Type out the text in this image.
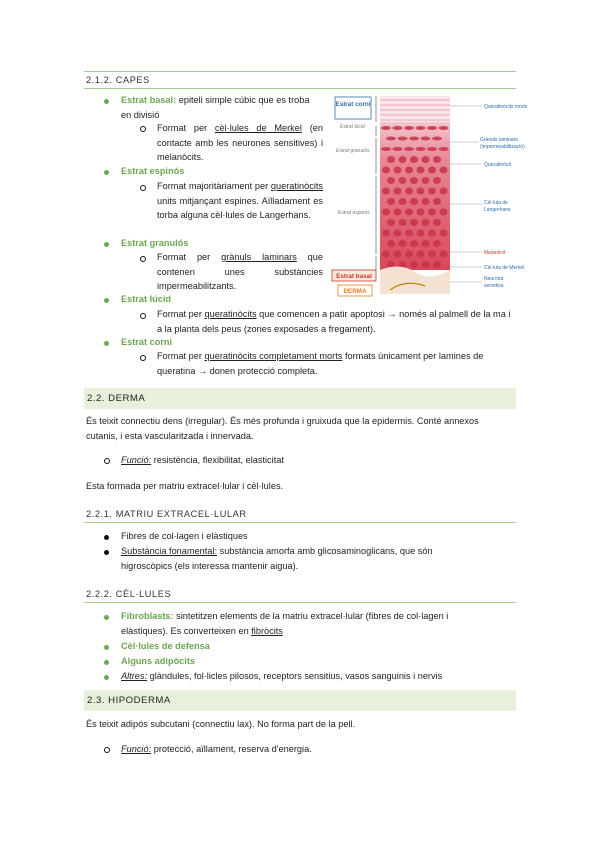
2.1.2. CAPES
Estrat basal: epiteli simple cúbic que es troba
en divisió
Format per cèl·lules de Merkel (en contacte amb les neurones sensitives) i melanòcits.
Estrat espinós
Format majoritàriament per queratinòcits units mitjançant espines. Aïlladament es torba alguna cèl·lules de Langerhans.
Estrat granulós
Format per grànuls laminars que contenen unes substàncies impermeabilitzants.
Estrat lúcid
Format per queratinòcits que comencen a patir apoptosi → només al palmell de la ma i a la planta dels peus (zones exposades a fregament).
Estrat corni
Format per queratinòcits completament morts formats únicament per lamines de queratina → donen protecció completa.
Estrat corni
Estrat lúcid
Estrat granulós
Estrat espinós
Estrat basal
DERMA
Queratinòcits morts
Grànuls laminars
(impermeabilització)
Queratinòcit
Cèl·lula de
Langerhans
Melanòcit
Cèl·lula de Merkel
Neurona
sensitiva
2.2. DERMA
És teixit connectiu dens (irregular). És més profunda i gruixuda que la epidermis. Conté annexos
cutanis, i esta vascularitzada i innervada.
Funció: resistència, flexibilitat, elasticitat
Esta formada per matriu extracel·lular i cèl·lules.
2.2.1. MATRIU EXTRACEL·LULAR
Fibres de col·lagen i elàstiques
Substància fonamental: substància amorfa amb glicosaminoglicans, que són
higroscòpics (els interessa mantenir aigua).
2.2.2. CÈL·LULES
Fibroblasts: sintetitzen elements de la matriu extracel·lular (fibres de col·lagen i
elàstiques). Es converteixen en fibròcits
Cèl·lules de defensa
Alguns adipòcits
Altres: glàndules, fol·licles pilosos, receptors sensitius, vasos sanguinis i nervis
2.3. HIPODERMA
És teixit adipós subcutani (connectiu lax). No forma part de la pell.
Funció: protecció, aïllament, reserva d'energia.
